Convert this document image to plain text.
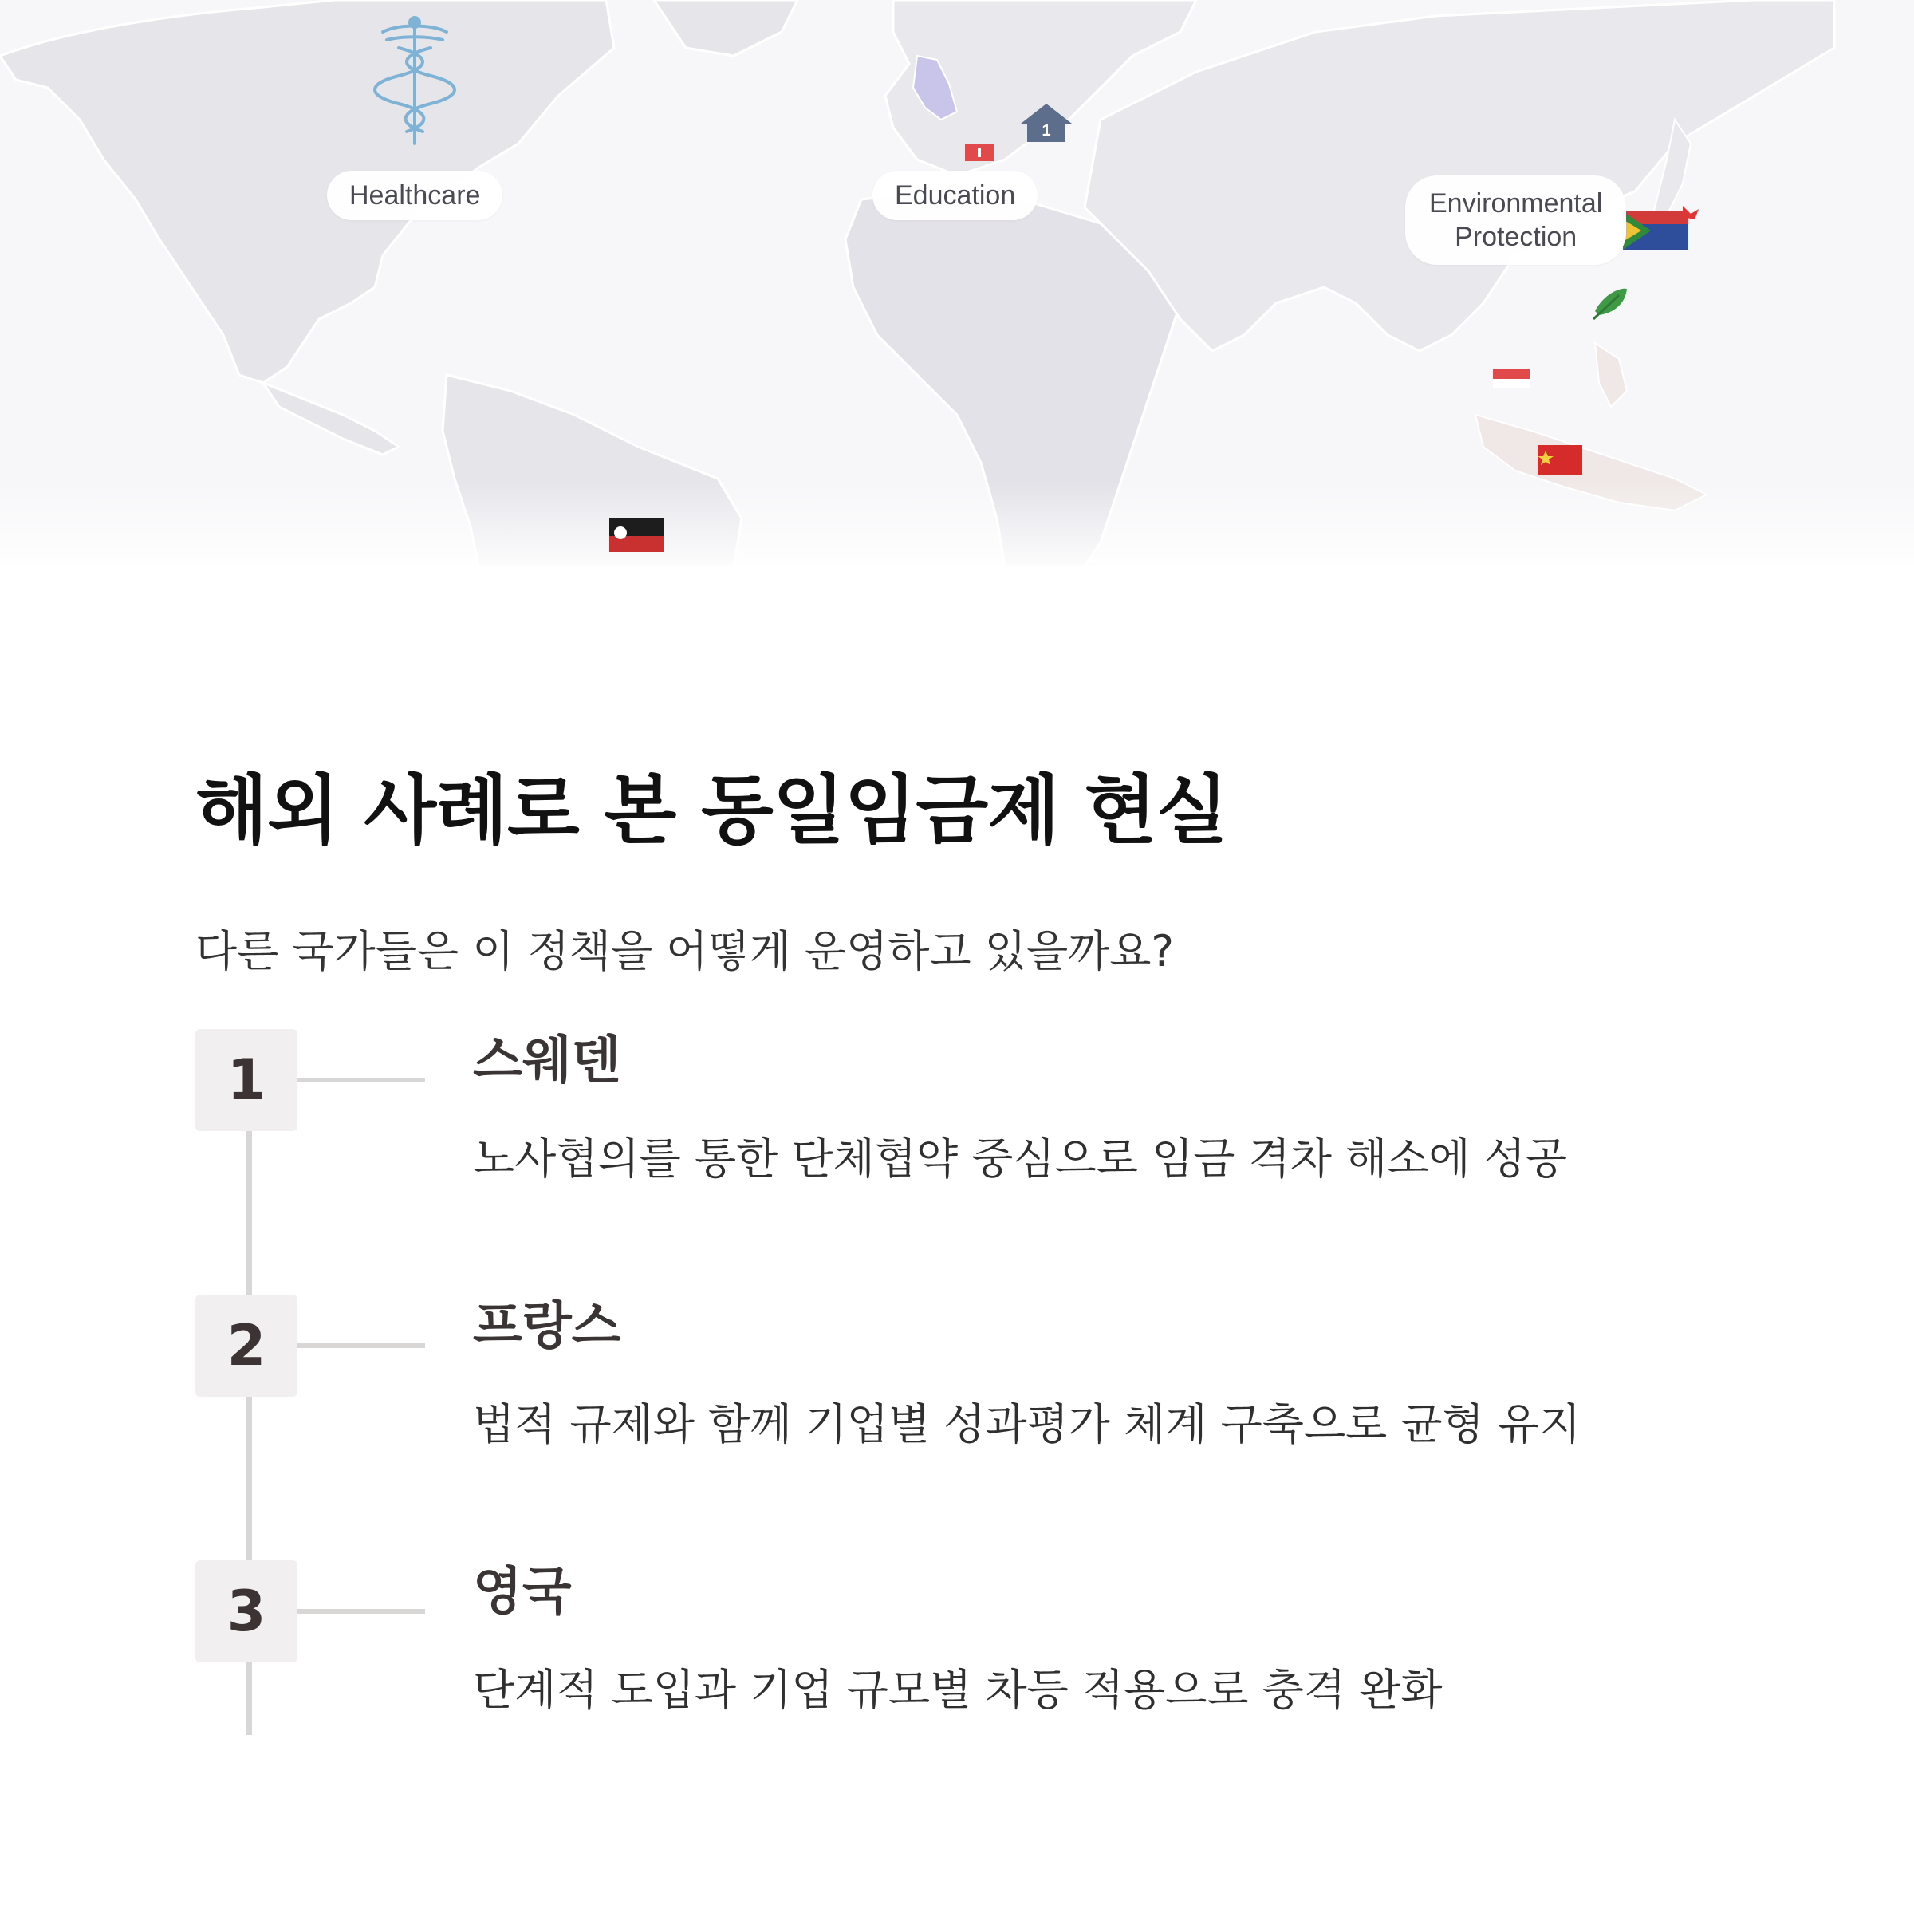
1
Healthcare	Education	Environmental
Protection
해외 사례로 본 동일임금제 현실

다른 국가들은 이 정책을 어떻게 운영하고 있을까요?

1	스웨덴
노사협의를 통한 단체협약 중심으로 임금 격차 해소에 성공
2	프랑스
법적 규제와 함께 기업별 성과평가 체계 구축으로 균형 유지
3	영국
단계적 도입과 기업 규모별 차등 적용으로 충격 완화
